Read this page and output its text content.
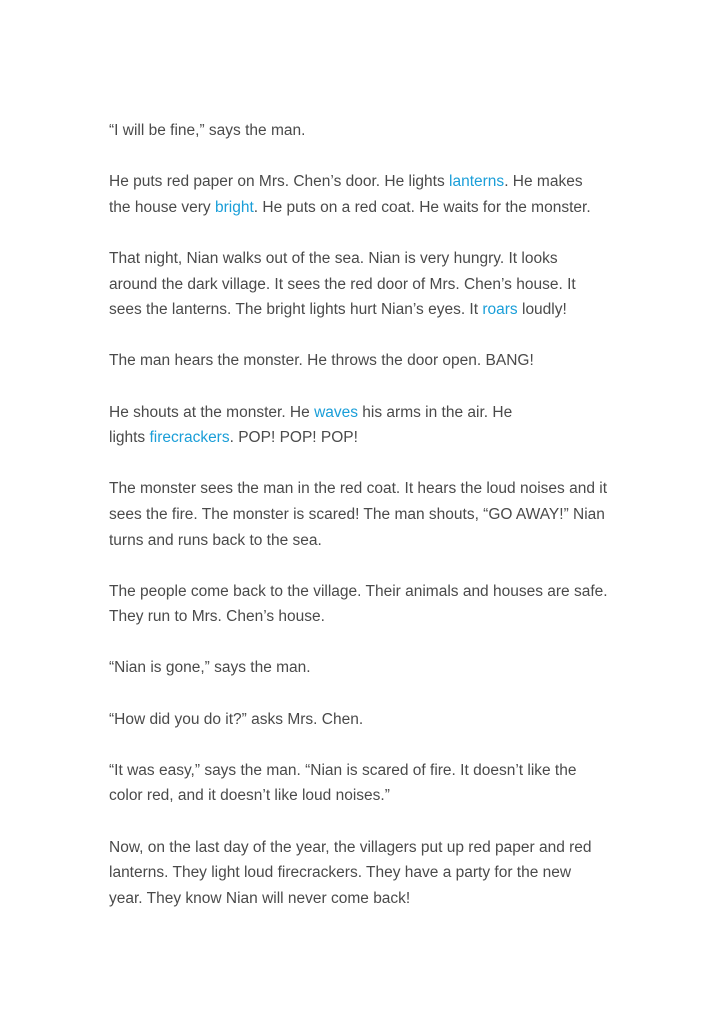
“I will be fine,” says the man.

He puts red paper on Mrs. Chen’s door. He lights lanterns. He makes
the house very bright. He puts on a red coat. He waits for the monster.

That night, Nian walks out of the sea. Nian is very hungry. It looks
around the dark village. It sees the red door of Mrs. Chen’s house. It
sees the lanterns. The bright lights hurt Nian’s eyes. It roars loudly!

The man hears the monster. He throws the door open. BANG!

He shouts at the monster. He waves his arms in the air. He
lights firecrackers. POP! POP! POP!

The monster sees the man in the red coat. It hears the loud noises and it
sees the fire. The monster is scared! The man shouts, “GO AWAY!” Nian
turns and runs back to the sea.

The people come back to the village. Their animals and houses are safe.
They run to Mrs. Chen’s house.

“Nian is gone,” says the man.

“How did you do it?” asks Mrs. Chen.

“It was easy,” says the man. “Nian is scared of fire. It doesn’t like the
color red, and it doesn’t like loud noises.”

Now, on the last day of the year, the villagers put up red paper and red
lanterns. They light loud firecrackers. They have a party for the new
year. They know Nian will never come back!
